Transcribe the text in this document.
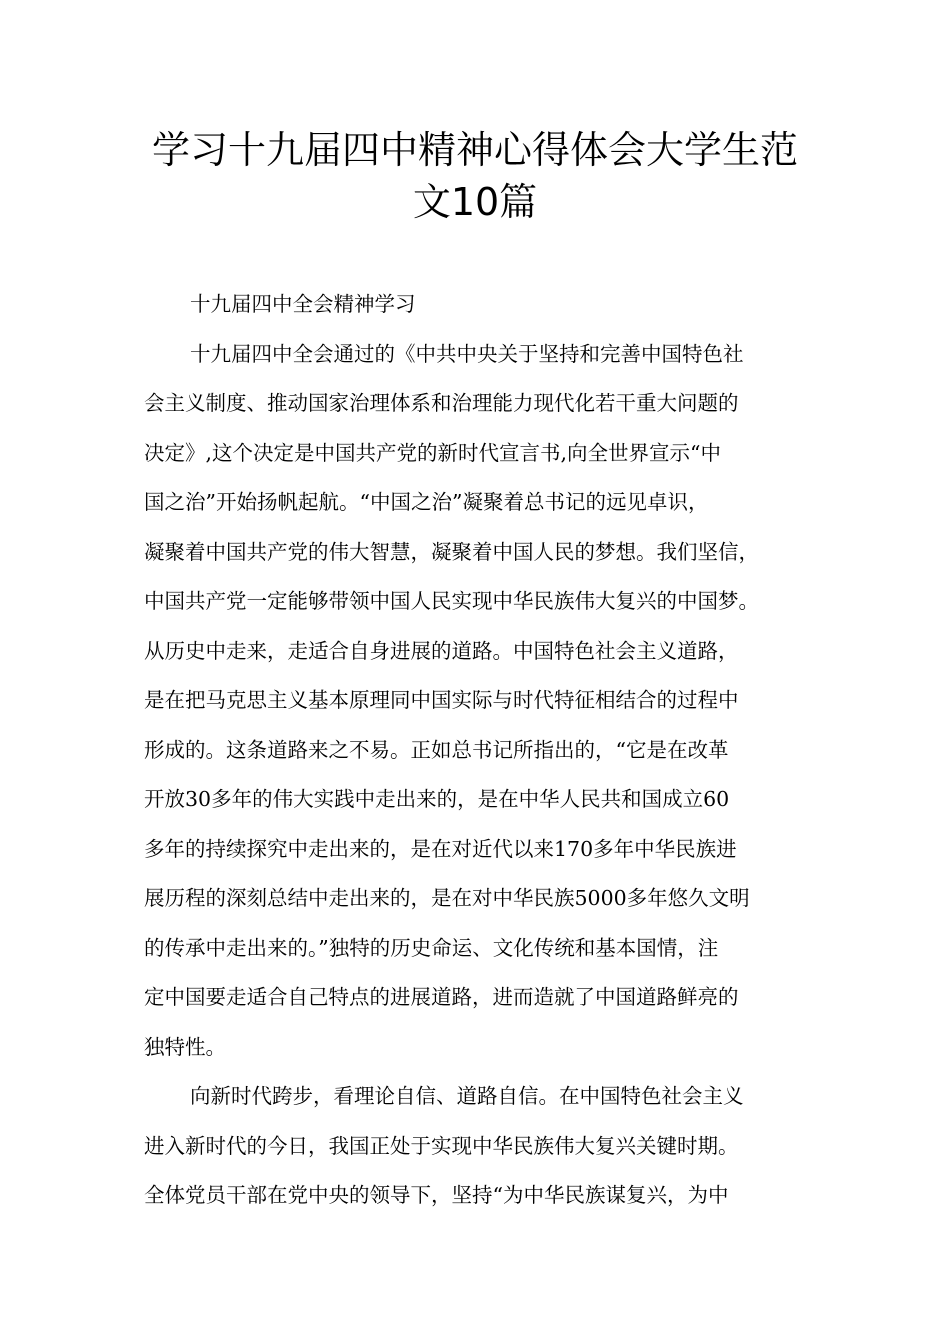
学习十九届四中精神心得体会大学生范
文10篇
十九届四中全会精神学习
十九届四中全会通过的《中共中央关于坚持和完善中国特色社
会主义制度、推动国家治理体系和治理能力现代化若干重大问题的
决定》,这个决定是中国共产党的新时代宣言书,向全世界宣示“中
国之治”开始扬帆起航。“中国之治”凝聚着总书记的远见卓识，
凝聚着中国共产党的伟大智慧，凝聚着中国人民的梦想。我们坚信，
中国共产党一定能够带领中国人民实现中华民族伟大复兴的中国梦。
从历史中走来，走适合自身进展的道路。中国特色社会主义道路，
是在把马克思主义基本原理同中国实际与时代特征相结合的过程中
形成的。这条道路来之不易。正如总书记所指出的，“它是在改革
开放30多年的伟大实践中走出来的，是在中华人民共和国成立60
多年的持续探究中走出来的，是在对近代以来170多年中华民族进
展历程的深刻总结中走出来的，是在对中华民族5000多年悠久文明
的传承中走出来的。”独特的历史命运、文化传统和基本国情，注
定中国要走适合自己特点的进展道路，进而造就了中国道路鲜亮的
独特性。
向新时代跨步，看理论自信、道路自信。在中国特色社会主义
进入新时代的今日，我国正处于实现中华民族伟大复兴关键时期。
全体党员干部在党中央的领导下，坚持“为中华民族谋复兴，为中
